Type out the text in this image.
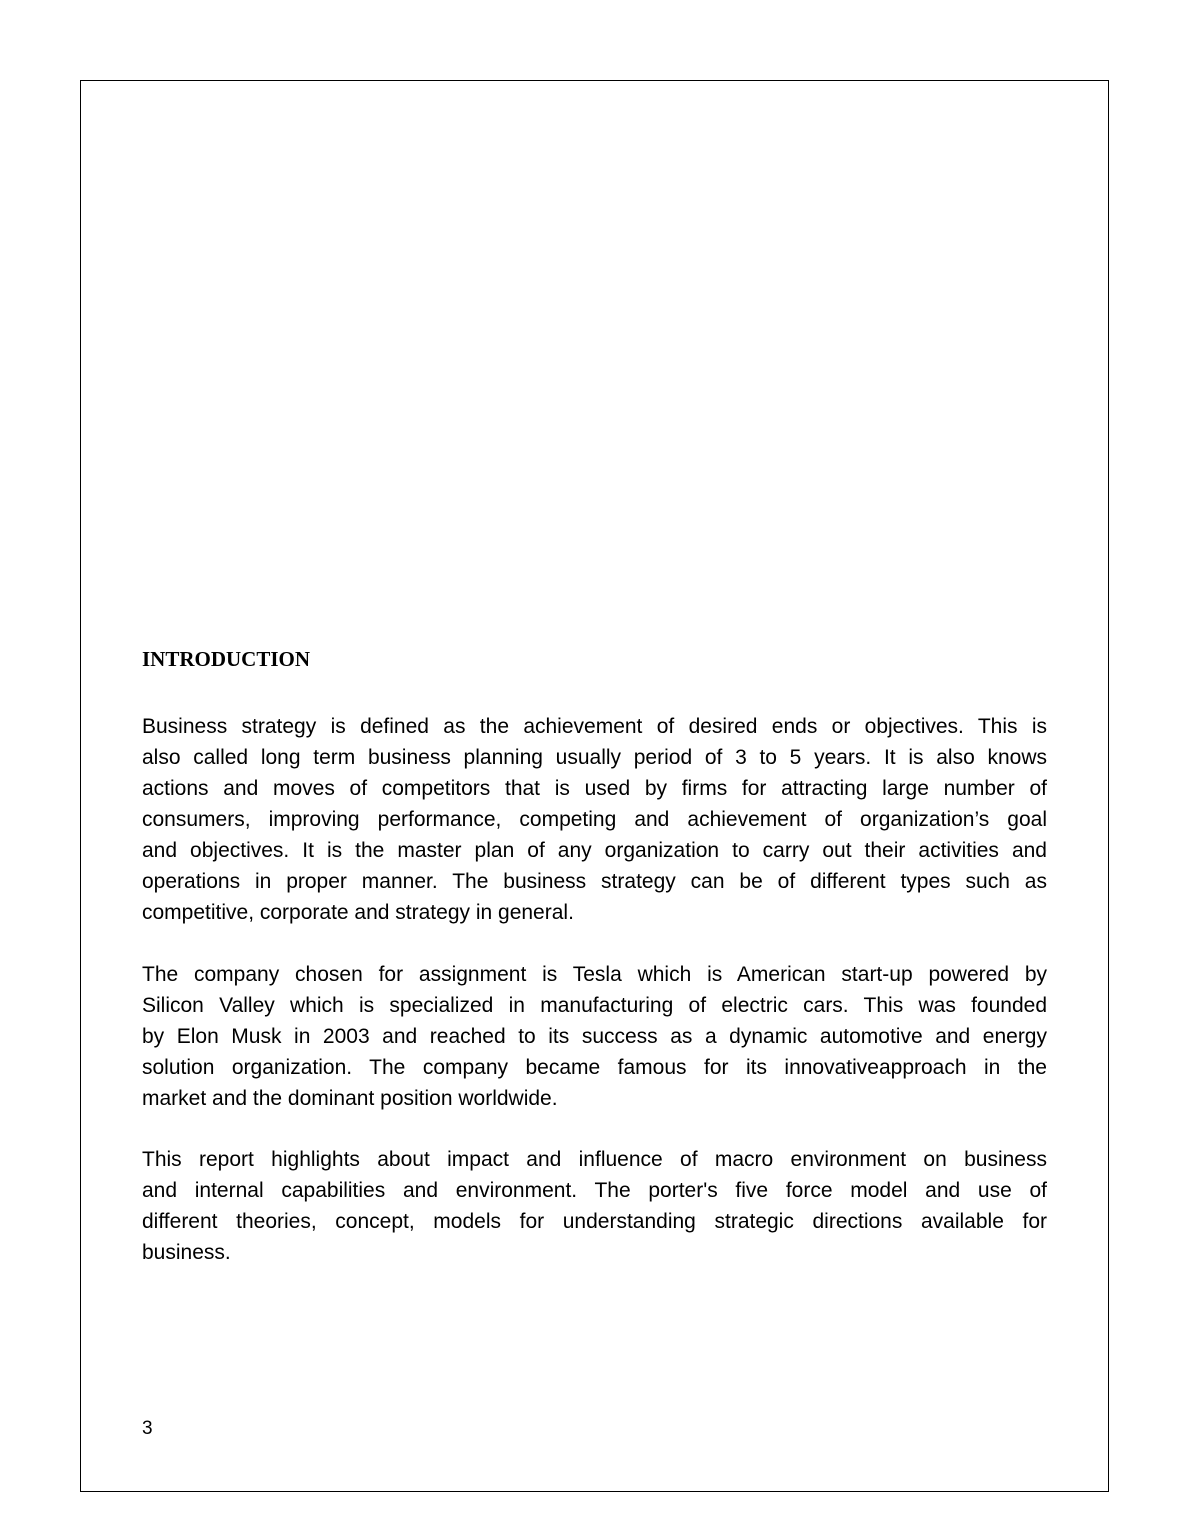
INTRODUCTION
Business strategy is defined as the achievement of desired ends or objectives. This is
also called long term business planning usually period of 3 to 5 years. It is also knows
actions and moves of competitors that is used by firms for attracting large number of
consumers, improving performance, competing and achievement of organization’s goal
and objectives. It is the master plan of any organization to carry out their activities and
operations in proper manner. The business strategy can be of different types such as
competitive, corporate and strategy in general.
The company chosen for assignment is Tesla which is American start-up powered by
Silicon Valley which is specialized in manufacturing of electric cars. This was founded
by Elon Musk in 2003 and reached to its success as a dynamic automotive and energy
solution organization. The company became famous for its innovativeapproach in the
market and the dominant position worldwide.
This report highlights about impact and influence of macro environment on business
and internal capabilities and environment. The porter's five force model and use of
different theories, concept, models for understanding strategic directions available for
business.
3
